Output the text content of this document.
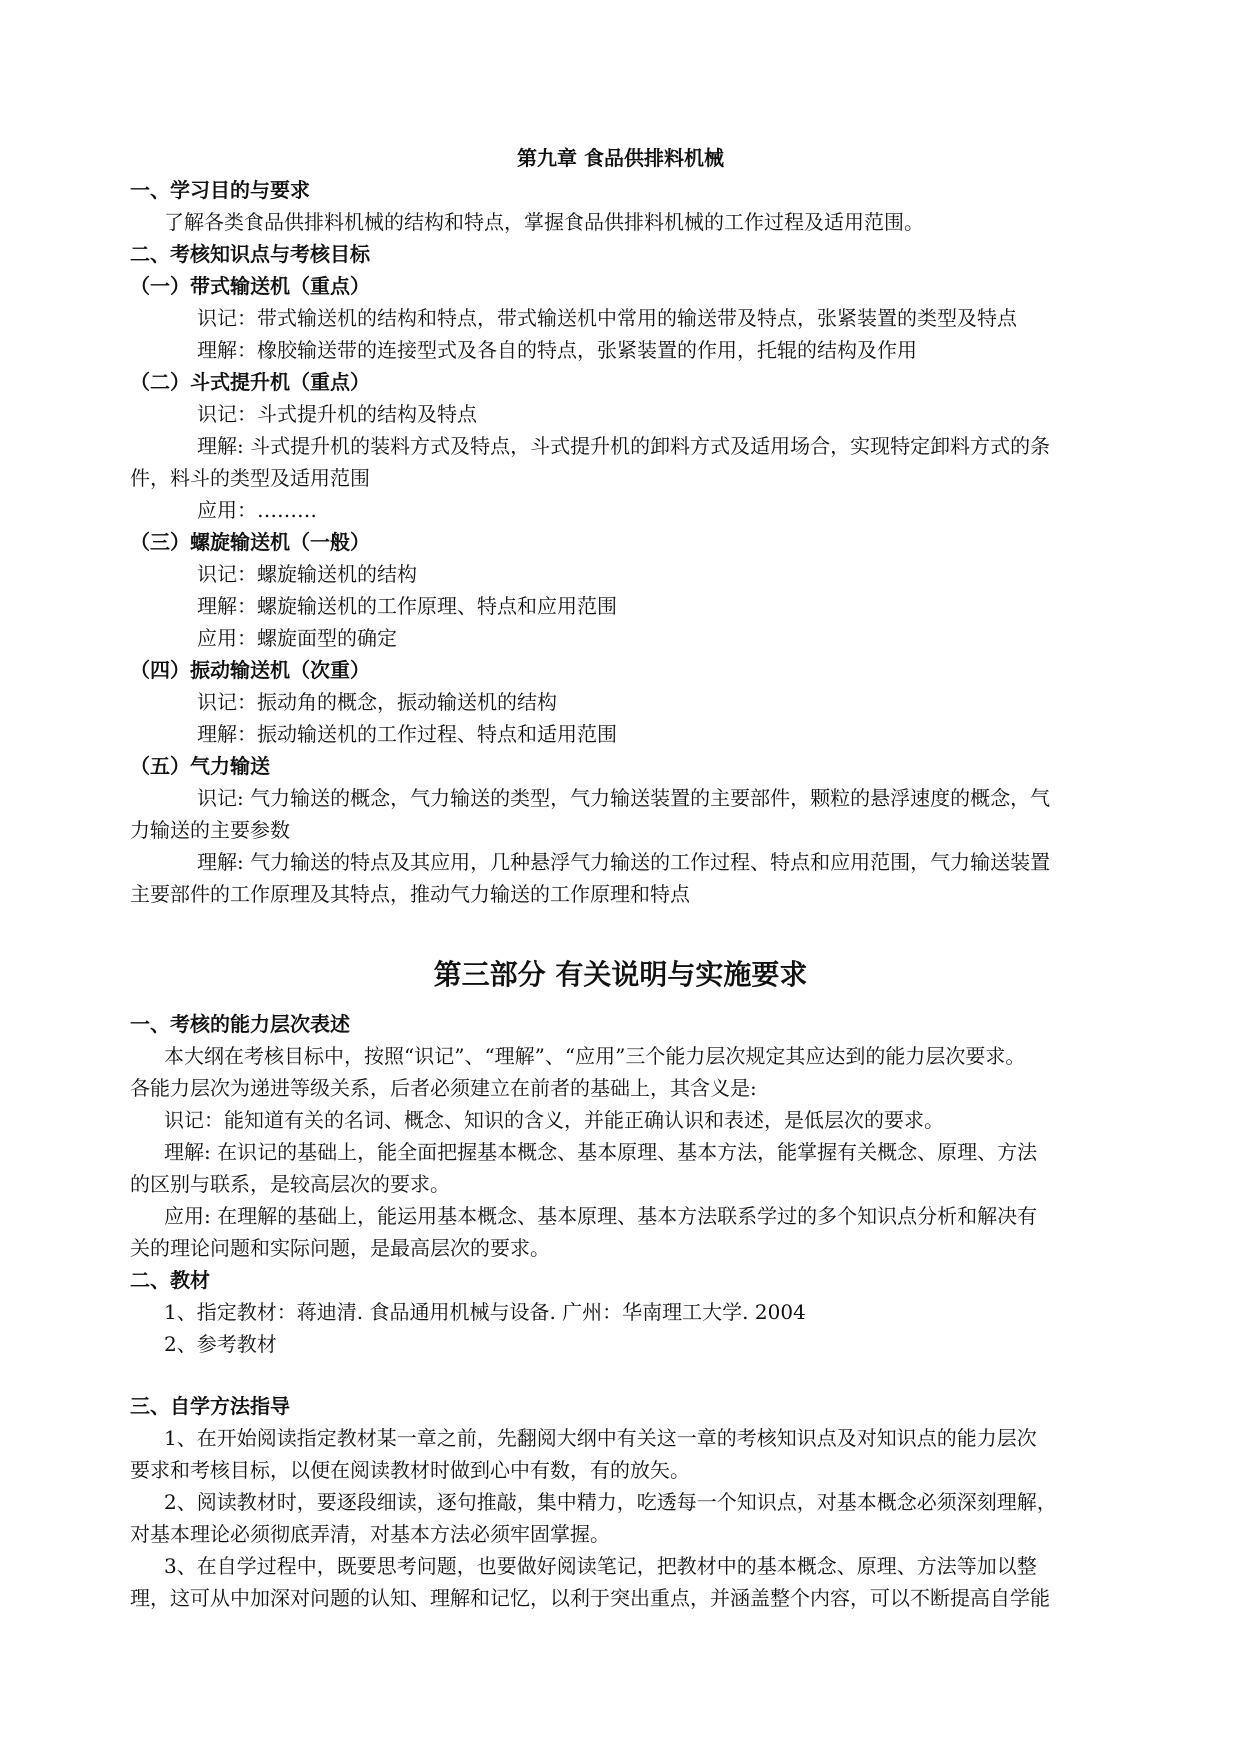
第九章 食品供排料机械
一、学习目的与要求
了解各类食品供排料机械的结构和特点，掌握食品供排料机械的工作过程及适用范围。
二、考核知识点与考核目标
（一）带式输送机（重点）
识记：带式输送机的结构和特点，带式输送机中常用的输送带及特点，张紧装置的类型及特点
理解：橡胶输送带的连接型式及各自的特点，张紧装置的作用，托辊的结构及作用
（二）斗式提升机（重点）
识记：斗式提升机的结构及特点
理解: 斗式提升机的装料方式及特点，斗式提升机的卸料方式及适用场合，实现特定卸料方式的条
件，料斗的类型及适用范围
应用：………
（三）螺旋输送机（一般）
识记：螺旋输送机的结构
理解：螺旋输送机的工作原理、特点和应用范围
应用：螺旋面型的确定
（四）振动输送机（次重）
识记：振动角的概念，振动输送机的结构
理解：振动输送机的工作过程、特点和适用范围
（五）气力输送
识记: 气力输送的概念，气力输送的类型，气力输送装置的主要部件，颗粒的悬浮速度的概念，气
力输送的主要参数
理解: 气力输送的特点及其应用，几种悬浮气力输送的工作过程、特点和应用范围，气力输送装置
主要部件的工作原理及其特点，推动气力输送的工作原理和特点
第三部分 有关说明与实施要求
一、考核的能力层次表述
本大纲在考核目标中，按照“识记”、“理解”、“应用”三个能力层次规定其应达到的能力层次要求。
各能力层次为递进等级关系，后者必须建立在前者的基础上，其含义是:
识记：能知道有关的名词、概念、知识的含义，并能正确认识和表述，是低层次的要求。
理解: 在识记的基础上，能全面把握基本概念、基本原理、基本方法，能掌握有关概念、原理、方法
的区别与联系，是较高层次的要求。
应用: 在理解的基础上，能运用基本概念、基本原理、基本方法联系学过的多个知识点分析和解决有
关的理论问题和实际问题，是最高层次的要求。
二、教材
1、指定教材：蒋迪清. 食品通用机械与设备. 广州：华南理工大学. 2004
2、参考教材
三、自学方法指导
1、在开始阅读指定教材某一章之前，先翻阅大纲中有关这一章的考核知识点及对知识点的能力层次
要求和考核目标，以便在阅读教材时做到心中有数，有的放矢。
2、阅读教材时，要逐段细读，逐句推敲，集中精力，吃透每一个知识点，对基本概念必须深刻理解，
对基本理论必须彻底弄清，对基本方法必须牢固掌握。
3、在自学过程中，既要思考问题，也要做好阅读笔记，把教材中的基本概念、原理、方法等加以整
理，这可从中加深对问题的认知、理解和记忆，以利于突出重点，并涵盖整个内容，可以不断提高自学能
